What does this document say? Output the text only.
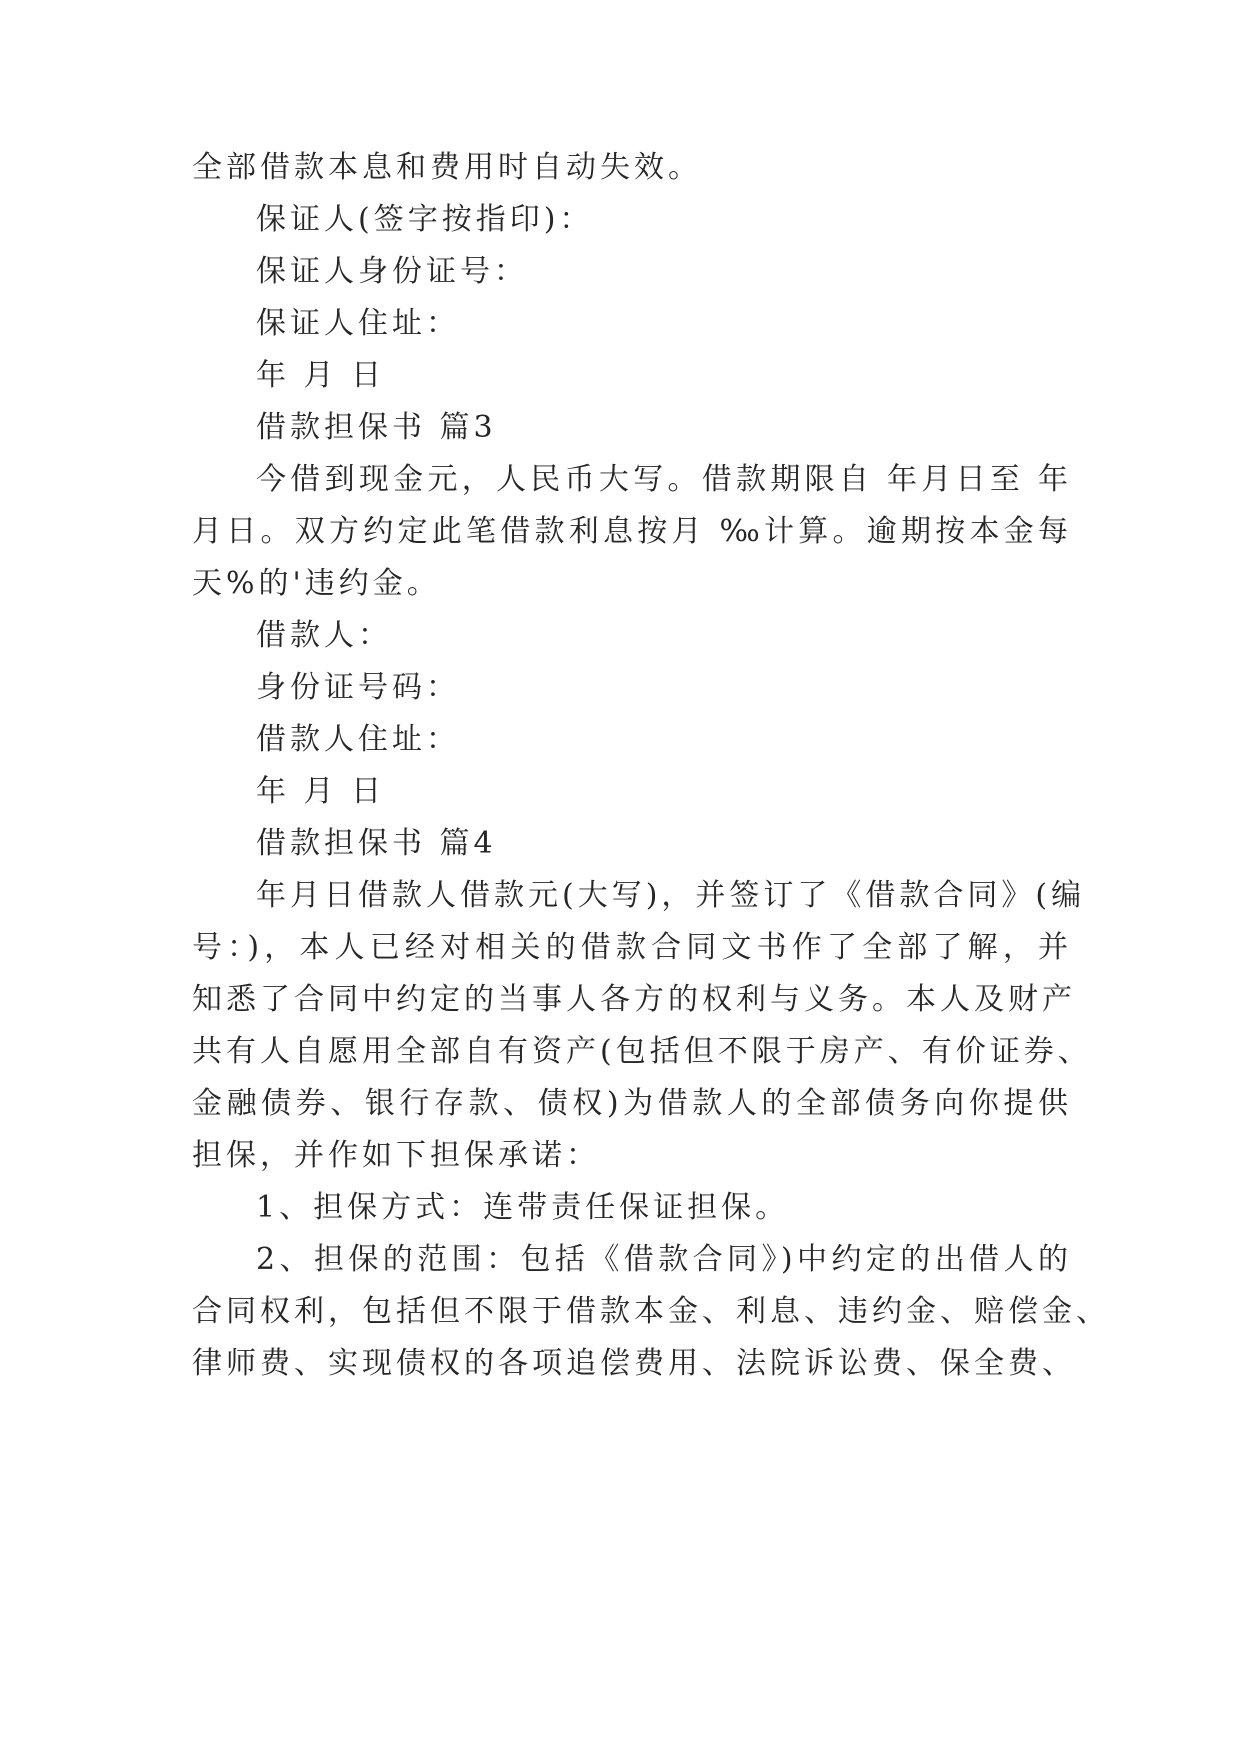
全部借款本息和费用时自动失效。
保证人(签字按指印)：
保证人身份证号：
保证人住址：
年 月 日
借款担保书 篇3
今借到现金元，人民币大写。借款期限自 年月日至 年
月日。双方约定此笔借款利息按月 ‰计算。逾期按本金每
天%的'违约金。
借款人：
身份证号码：
借款人住址：
年 月 日
借款担保书 篇4
年月日借款人借款元(大写)，并签订了《借款合同》(编
号：)，本人已经对相关的借款合同文书作了全部了解，并
知悉了合同中约定的当事人各方的权利与义务。本人及财产
共有人自愿用全部自有资产(包括但不限于房产、有价证券、
金融债券、银行存款、债权)为借款人的全部债务向你提供
担保，并作如下担保承诺：
1、担保方式：连带责任保证担保。
2、担保的范围：包括《借款合同》)中约定的出借人的
合同权利，包括但不限于借款本金、利息、违约金、赔偿金、
律师费、实现债权的各项追偿费用、法院诉讼费、保全费、
